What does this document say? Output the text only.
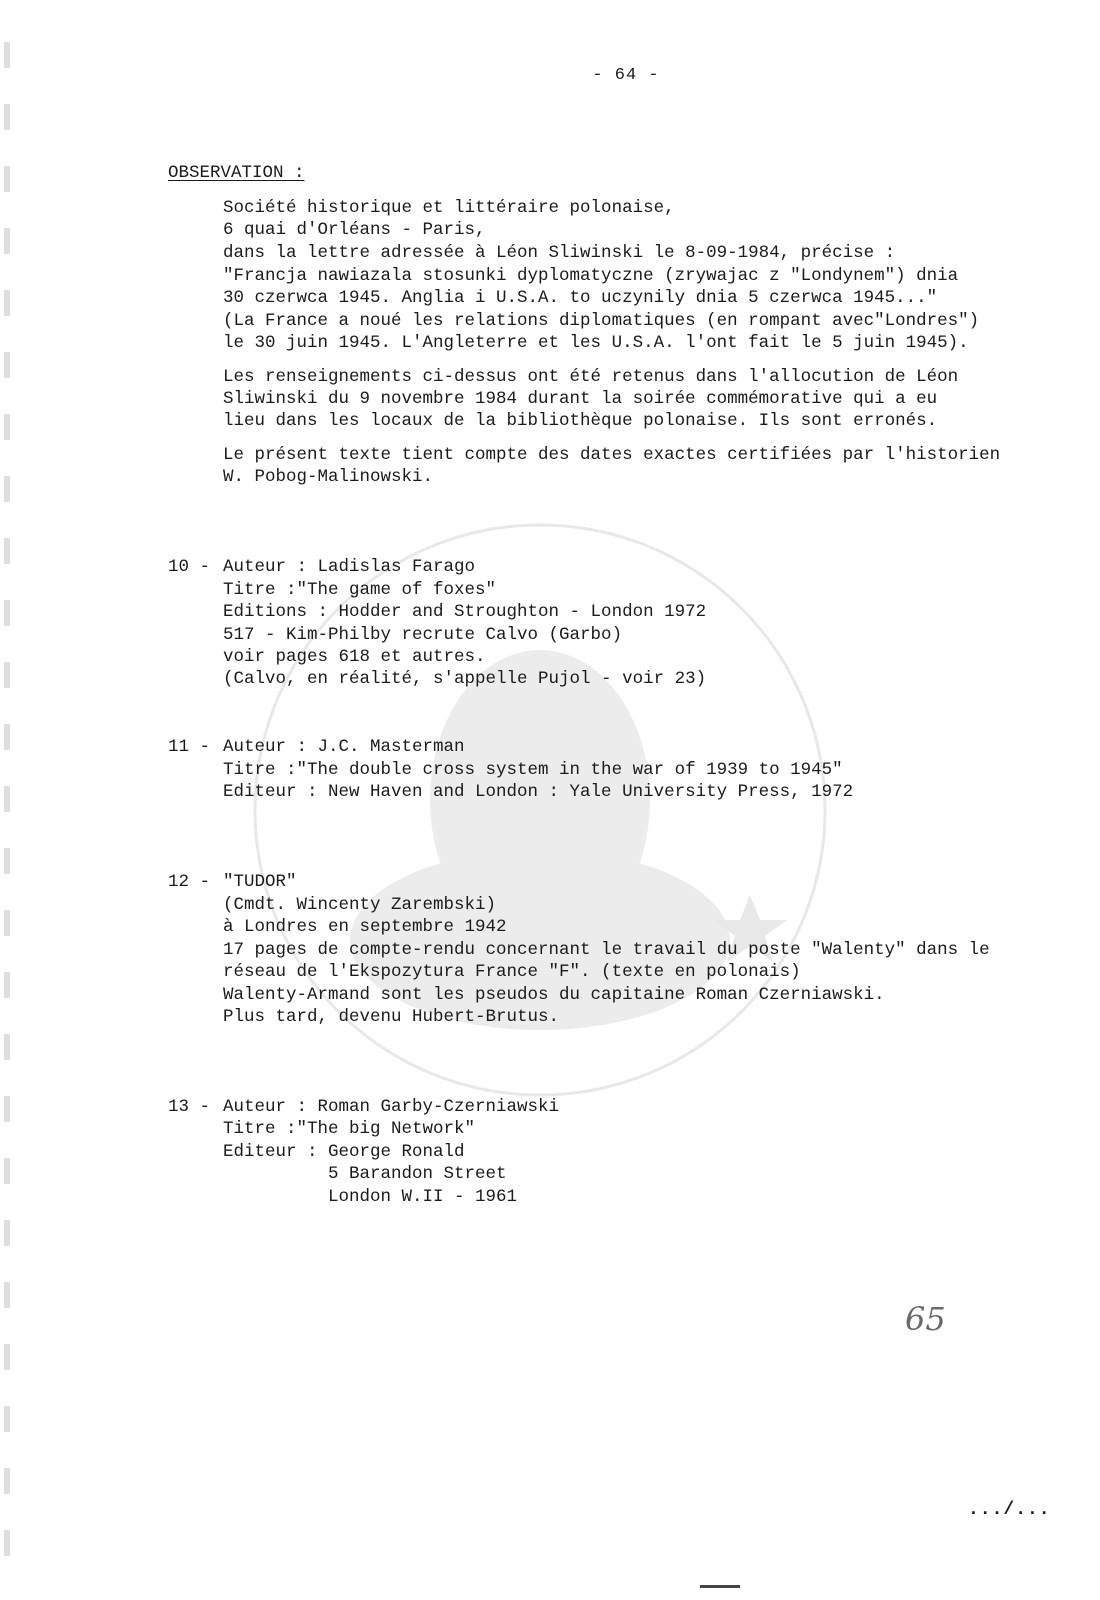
- 64 -
OBSERVATION :
Société historique et littéraire polonaise,
6 quai d'Orléans - Paris,
dans la lettre adressée à Léon Sliwinski le 8-09-1984, précise :
"Francja nawiazala stosunki dyplomatyczne (zrywajac z "Londynem") dnia
30 czerwca 1945. Anglia i U.S.A. to uczynily dnia 5 czerwca 1945..."
(La France a noué les relations diplomatiques (en rompant avec"Londres")
le 30 juin 1945. L'Angleterre et les U.S.A. l'ont fait le 5 juin 1945).
Les renseignements ci-dessus ont été retenus dans l'allocution de Léon
Sliwinski du 9 novembre 1984 durant la soirée commémorative qui a eu
lieu dans les locaux de la bibliothèque polonaise. Ils sont erronés.
Le présent texte tient compte des dates exactes certifiées par l'historien
W. Pobog-Malinowski.
10 - Auteur : Ladislas Farago
Titre :"The game of foxes"
Editions : Hodder and Stroughton - London 1972
517 - Kim-Philby recrute Calvo (Garbo)
voir pages 618 et autres.
(Calvo, en réalité, s'appelle Pujol - voir 23)
11 - Auteur : J.C. Masterman
Titre :"The double cross system in the war of 1939 to 1945"
Editeur : New Haven and London : Yale University Press, 1972
12 - "TUDOR"
(Cmdt. Wincenty Zarembski)
à Londres en septembre 1942
17 pages de compte-rendu concernant le travail du poste "Walenty" dans le
réseau de l'Ekspozytura France "F". (texte en polonais)
Walenty-Armand sont les pseudos du capitaine Roman Czerniawski.
Plus tard, devenu Hubert-Brutus.
13 - Auteur : Roman Garby-Czerniawski
Titre :"The big Network"
Editeur : George Ronald
5 Barandon Street
London W.II - 1961
65
.../...
